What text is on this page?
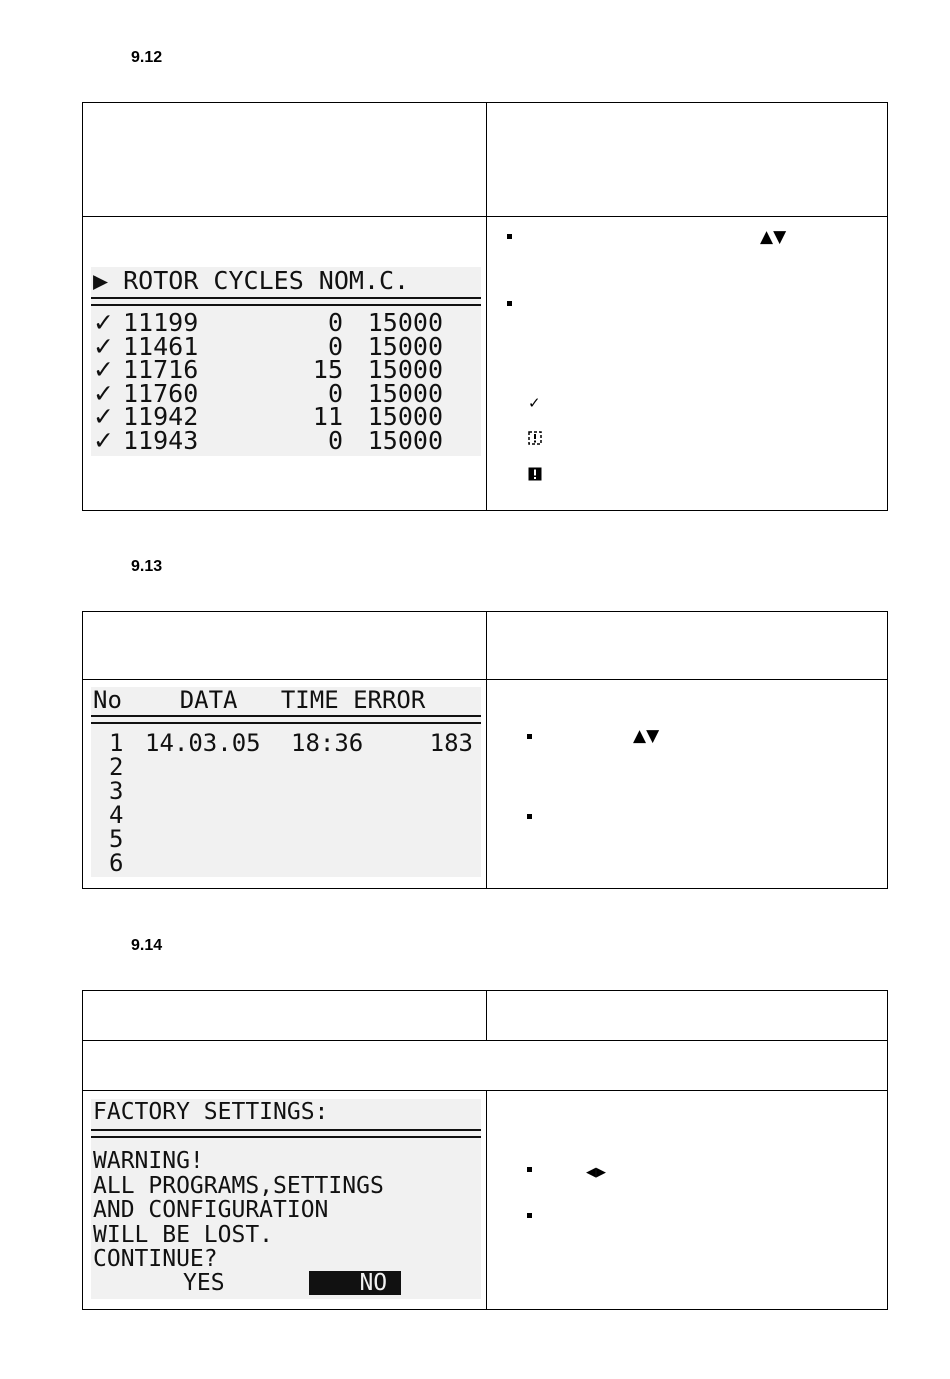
9.12

▶ ROTOR CYCLES NOM.C.

✓ 11199	0 15000
✓ 11461	0 15000
✓ 11716	15 15000
✓ 11760	0 15000
✓ 11942	11 15000
✓ 11943	0 15000

▲▼
✓
9.13

No    DATA   TIME ERROR

1 14.03.05 18:36	183
2
3
4
5
6

▲▼
9.14

FACTORY SETTINGS:

WARNING!
ALL PROGRAMS,SETTINGS
AND CONFIGURATION
WILL BE LOST.
CONTINUE?

YES

	NO

◀▶
